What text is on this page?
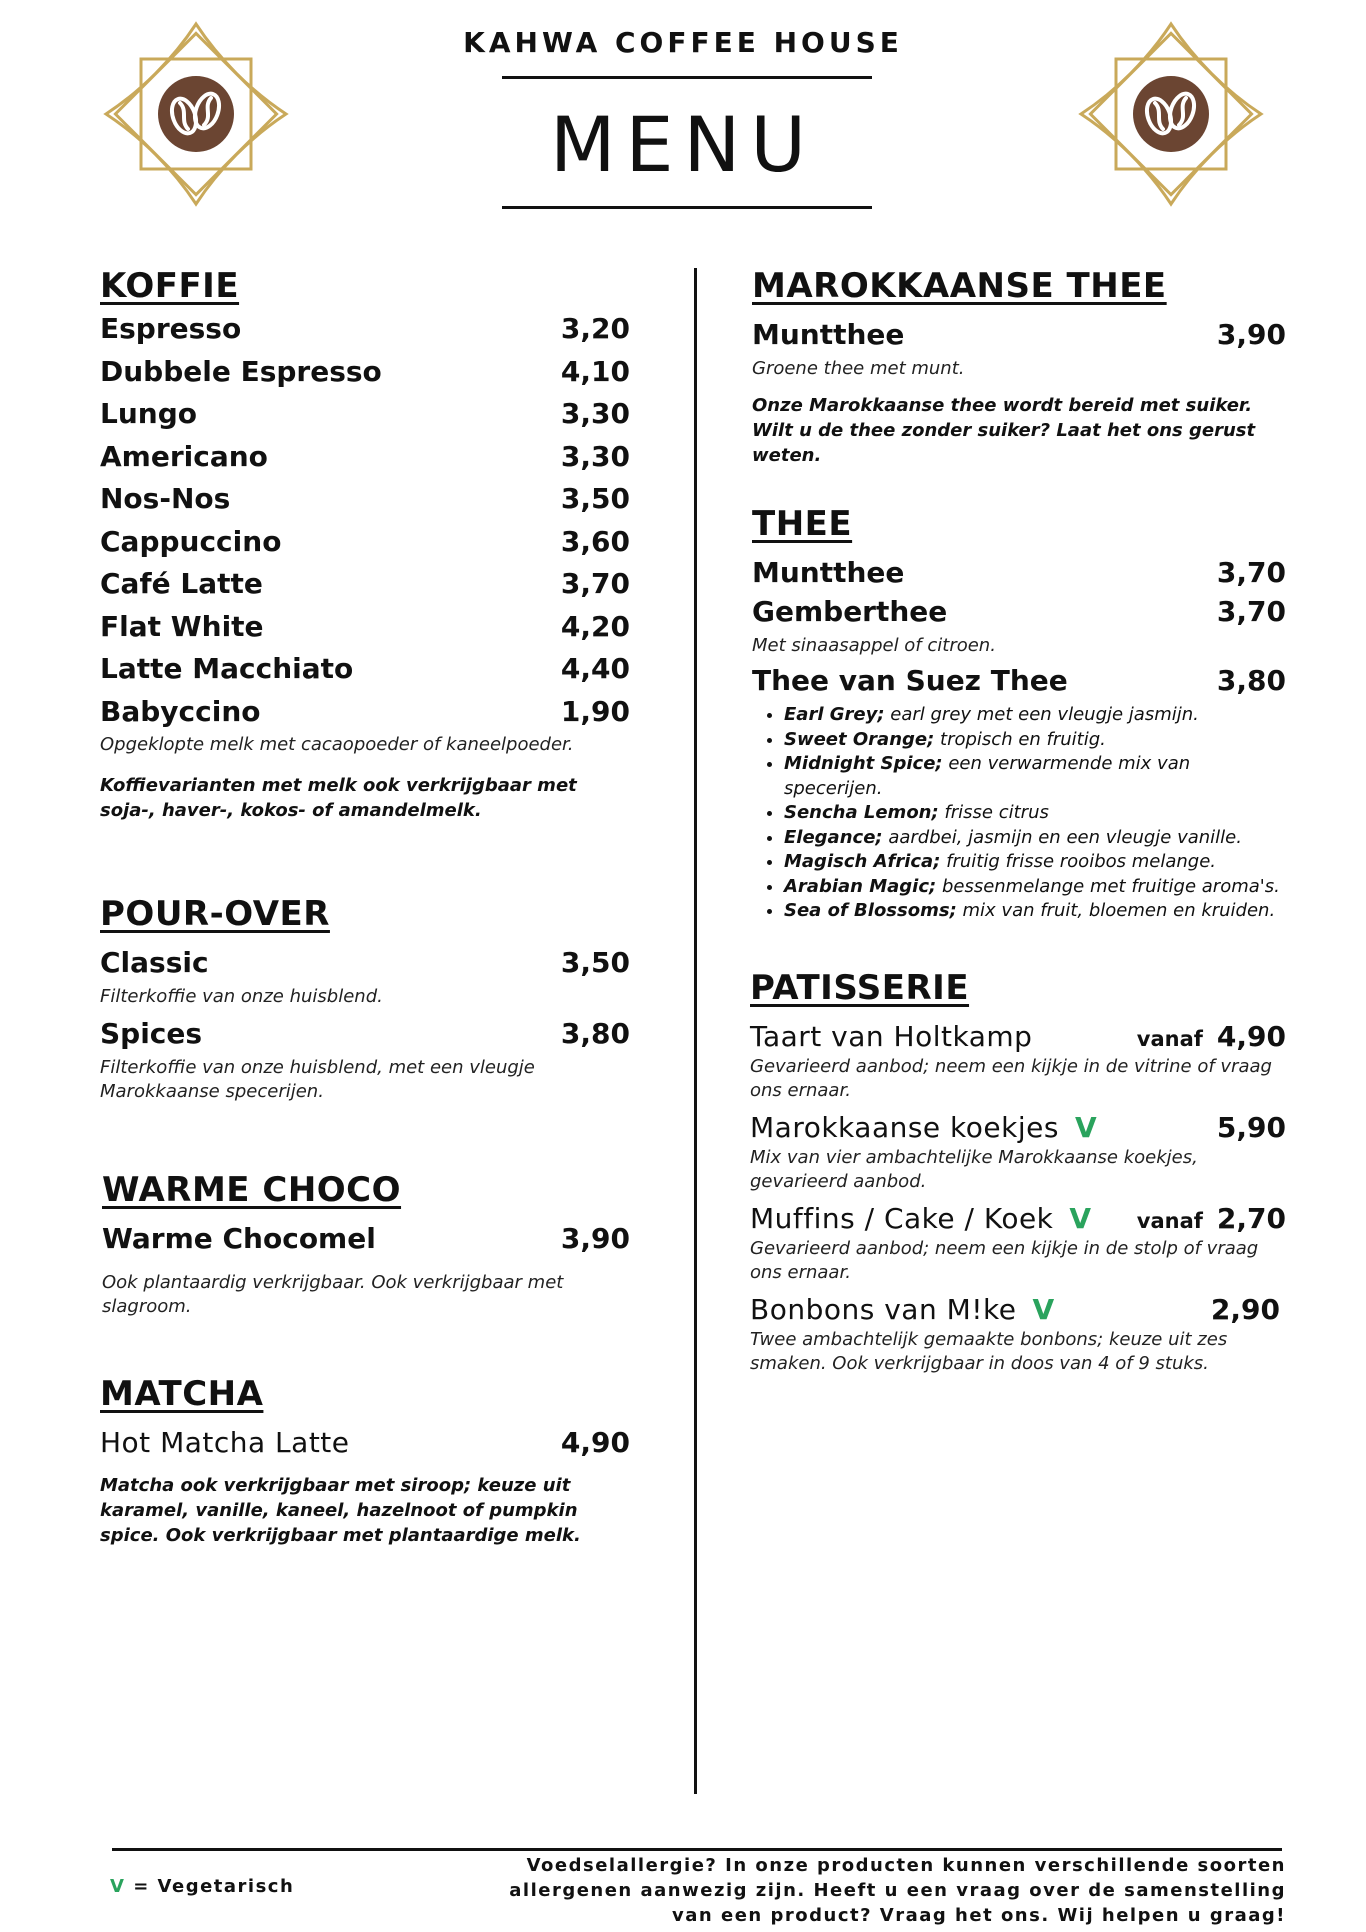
KAHWA COFFEE HOUSE
MENU
KOFFIE
Espresso	3,20
Dubbele Espresso	4,10
Lungo	3,30
Americano	3,30
Nos-Nos	3,50
Cappuccino	3,60
Café Latte	3,70
Flat White	4,20
Latte Macchiato	4,40
Babyccino	1,90
Opgeklopte melk met cacaopoeder of kaneelpoeder.
Koffievarianten met melk ook verkrijgbaar met soja-, haver-, kokos- of amandelmelk.
POUR-OVER
Classic	3,50
Filterkoffie van onze huisblend.
Spices	3,80
Filterkoffie van onze huisblend, met een vleugje Marokkaanse specerijen.
WARME CHOCO
Warme Chocomel	3,90
Ook plantaardig verkrijgbaar. Ook verkrijgbaar met slagroom.
MATCHA
Hot Matcha Latte	4,90
Matcha ook verkrijgbaar met siroop; keuze uit karamel, vanille, kaneel, hazelnoot of pumpkin spice. Ook verkrijgbaar met plantaardige melk.
MAROKKAANSE THEE
Muntthee	3,90
Groene thee met munt.
Onze Marokkaanse thee wordt bereid met suiker. Wilt u de thee zonder suiker? Laat het ons gerust weten.
THEE
Muntthee	3,70
Gemberthee	3,70
Met sinaasappel of citroen.
Thee van Suez Thee	3,80
• Earl Grey; earl grey met een vleugje jasmijn.
• Sweet Orange; tropisch en fruitig.
• Midnight Spice; een verwarmende mix van specerijen.
• Sencha Lemon; frisse citrus
• Elegance; aardbei, jasmijn en een vleugje vanille.
• Magisch Africa; fruitig frisse rooibos melange.
• Arabian Magic; bessenmelange met fruitige aroma's.
• Sea of Blossoms; mix van fruit, bloemen en kruiden.
PATISSERIE
Taart van Holtkamp	vanaf 4,90
Gevarieerd aanbod; neem een kijkje in de vitrine of vraag ons ernaar.
Marokkaanse koekjes V	5,90
Mix van vier ambachtelijke Marokkaanse koekjes, gevarieerd aanbod.
Muffins / Cake / Koek V vanaf 2,70
Gevarieerd aanbod; neem een kijkje in de stolp of vraag ons ernaar.
Bonbons van M!ke V	2,90
Twee ambachtelijk gemaakte bonbons; keuze uit zes smaken. Ook verkrijgbaar in doos van 4 of 9 stuks.
V = Vegetarisch
Voedselallergie? In onze producten kunnen verschillende soorten allergenen aanwezig zijn. Heeft u een vraag over de samenstelling van een product? Vraag het ons. Wij helpen u graag!
